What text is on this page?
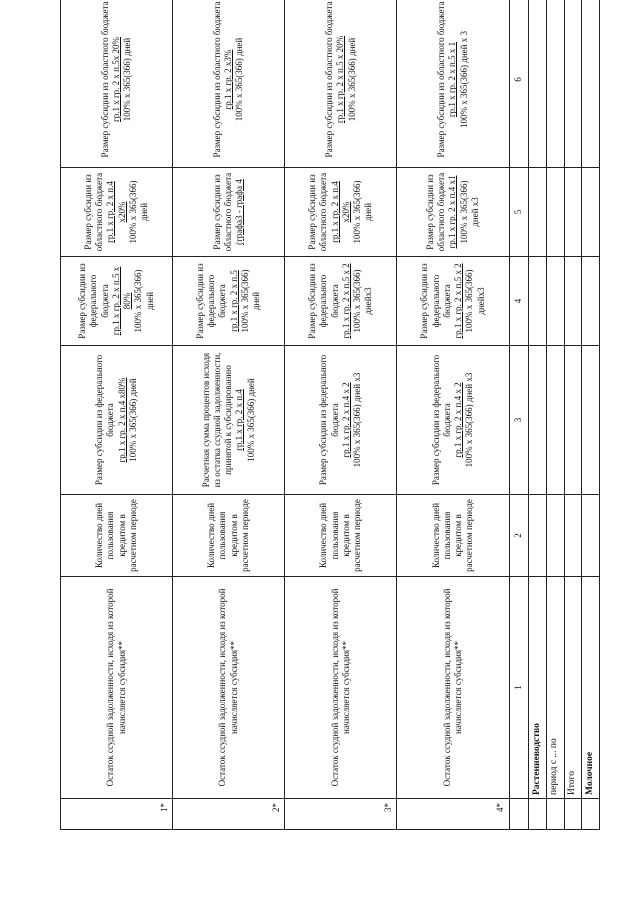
1*	Остаток ссудной задолженности, исходя из которой начисляется субсидия**	Количество дней пользования кредитом в расчетном периоде	Размер субсидии из федерального бюджета гр.1 х гр. 2 х п.4 х80% 100% х 365(366) дней	Размер субсидии из федерального бюджета гр.1 х гр. 2 х п.5 х 80% 100% х 365(366) дней	Размер субсидии из областного бюджета гр.1 х гр. 2 х п.4 х20% 100% х 365(366) дней	Размер субсидии из областного бюджета гр.1 х гр. 2 х п.5х 20% 100% х 365(366) дней

2*	Остаток ссудной задолженности, исходя из которой начисляется субсидия**	Количество дней пользования кредитом в расчетном периоде	Расчетная сумма процентов исходя из остатка ссудной задолженности, принятой к субсидированию гр.1 х гр. 2 х п.4 100% х 365(366) дней	Размер субсидии из федерального бюджета гр.1 х гр. 2 х п.5 100% х 365(366) дней	Размер субсидии из областного бюджета (графа3 - графа 4	Размер субсидии из областного бюджета гр.1 х гр. 2 х3% 100% х 365(366) дней

3*	Остаток ссудной задолженности, исходя из которой начисляется субсидия**	Количество дней пользования кредитом в расчетном периоде	Размер субсидии из федерального бюджета гр.1 х гр. 2 х п.4 х 2 100% х 365(366) дней х3	Размер субсидии из федерального бюджета гр.1 х гр. 2 х п.5 х 2 100% х 365(366) днейх3	Размер субсидии из областного бюджета гр.1 х гр. 2 х п.4 х20% 100% х 365(366) дней	Размер субсидии из областного бюджета гр.1 х гр. 2 х п.5 х 20% 100% х 365(366) дней

4*	Остаток ссудной задолженности, исходя из которой начисляется субсидия**	Количество дней пользования кредитом в расчетном периоде	Размер субсидии из федерального бюджета гр.1 х гр. 2 х п.4 х 2 100% х 365(366) дней х3	Размер субсидии из федерального бюджета гр.1 х гр. 2 х п.5 х 2 100% х 365(366) днейх3	Размер субсидии из областного бюджета гр.1 х гр. 2 х п.4 х1 100% х 365(366) дней х3	Размер субсидии из областного бюджета гр.1 х гр. 2 х п.5 х 1 100% х 365(366) дней х 3

	1	2	3	4	5	6
	Растениеводство					
	период с ... по					
	Итого					
	Молочное					
